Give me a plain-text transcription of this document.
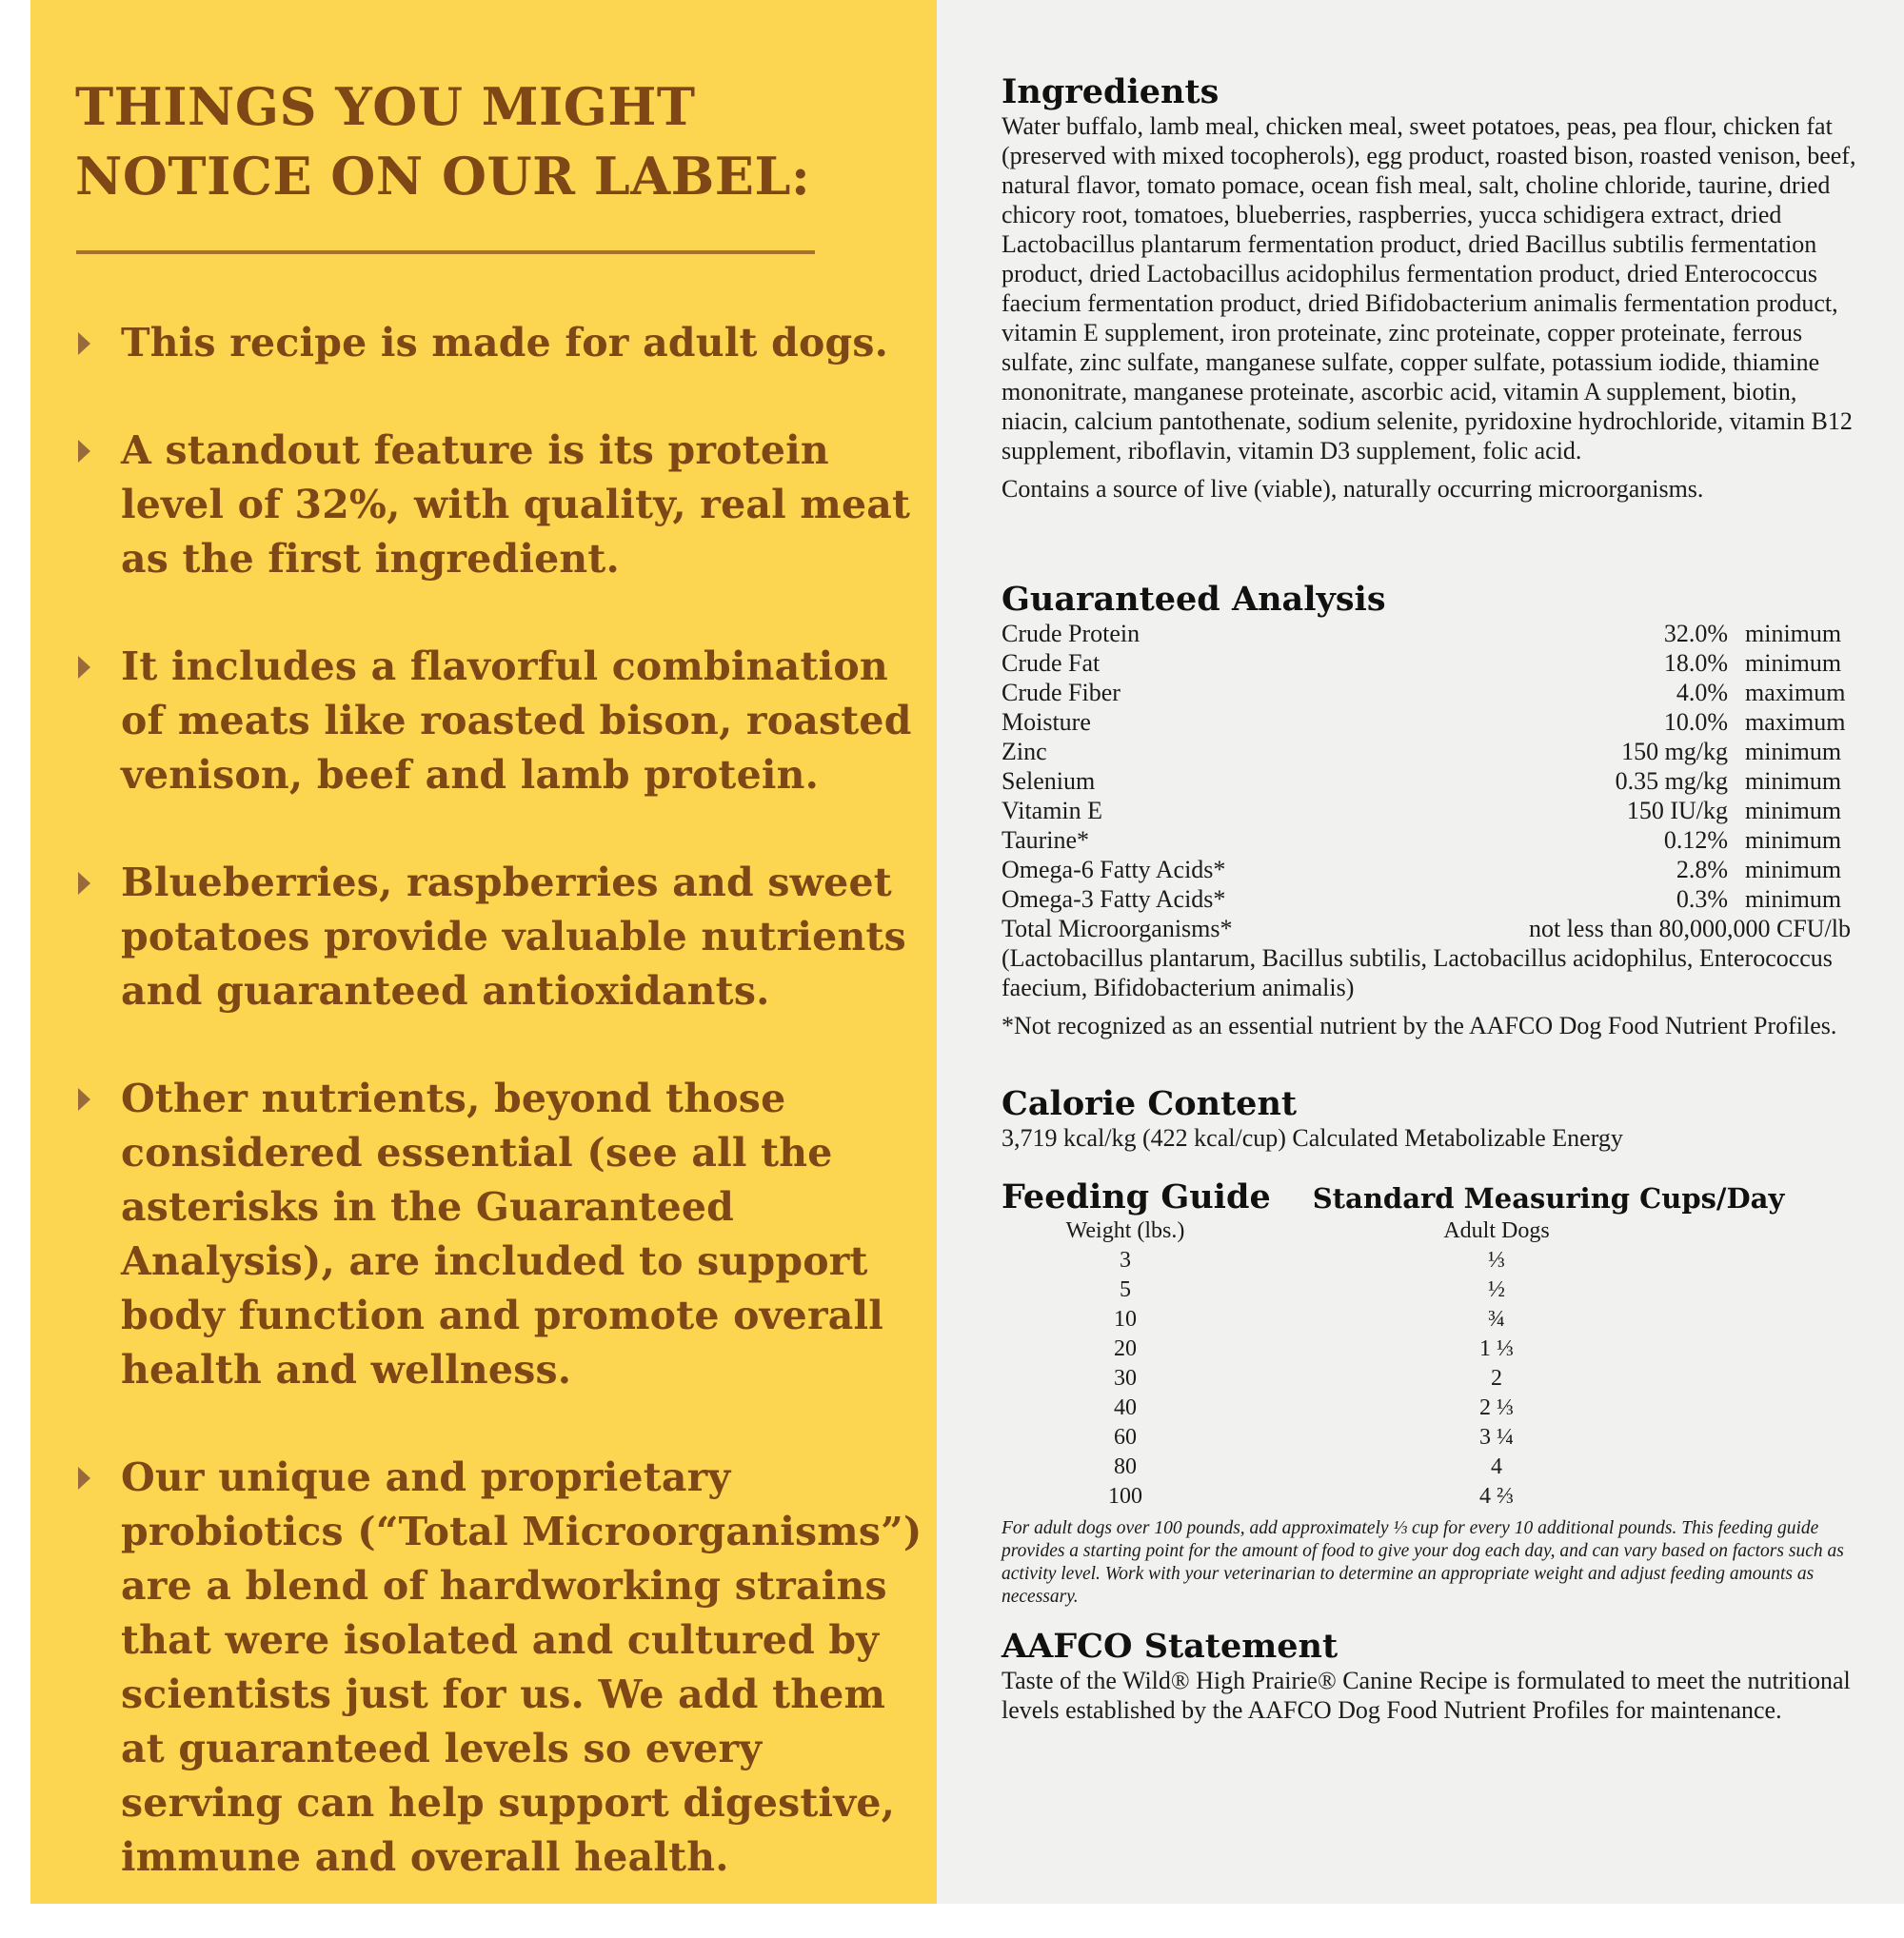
THINGS YOU MIGHT
NOTICE ON OUR LABEL:
This recipe is made for adult dogs.
A standout feature is its protein level of 32%, with quality, real meat as the first ingredient.
It includes a flavorful combination of meats like roasted bison, roasted venison, beef and lamb protein.
Blueberries, raspberries and sweet potatoes provide valuable nutrients and guaranteed antioxidants.
Other nutrients, beyond those considered essential (see all the asterisks in the Guaranteed Analysis), are included to support body function and promote overall health and wellness.
Our unique and proprietary probiotics (“Total Microorganisms”) are a blend of hardworking strains that were isolated and cultured by scientists just for us. We add them at guaranteed levels so every serving can help support digestive, immune and overall health.
Ingredients

Water buffalo, lamb meal, chicken meal, sweet potatoes, peas, pea flour, chicken fat (preserved with mixed tocopherols), egg product, roasted bison, roasted venison, beef, natural flavor, tomato pomace, ocean fish meal, salt, choline chloride, taurine, dried chicory root, tomatoes, blueberries, raspberries, yucca schidigera extract, dried Lactobacillus plantarum fermentation product, dried Bacillus subtilis fermentation product, dried Lactobacillus acidophilus fermentation product, dried Enterococcus faecium fermentation product, dried Bifidobacterium animalis fermentation product, vitamin E supplement, iron proteinate, zinc proteinate, copper proteinate, ferrous sulfate, zinc sulfate, manganese sulfate, copper sulfate, potassium iodide, thiamine mononitrate, manganese proteinate, ascorbic acid, vitamin A supplement, biotin, niacin, calcium pantothenate, sodium selenite, pyridoxine hydrochloride, vitamin B12 supplement, riboflavin, vitamin D3 supplement, folic acid.

Contains a source of live (viable), naturally occurring microorganisms.

Guaranteed Analysis
Crude Protein	32.0%	minimum
Crude Fat	18.0%	minimum
Crude Fiber	4.0%	maximum
Moisture	10.0%	maximum
Zinc	150 mg/kg	minimum
Selenium	0.35 mg/kg	minimum
Vitamin E	150 IU/kg	minimum
Taurine*	0.12%	minimum
Omega-6 Fatty Acids*	2.8%	minimum
Omega-3 Fatty Acids*	0.3%	minimum
Total Microorganisms*	not less than 80,000,000 CFU/lb	

(Lactobacillus plantarum, Bacillus subtilis, Lactobacillus acidophilus, Enterococcus faecium, Bifidobacterium animalis)

*Not recognized as an essential nutrient by the AAFCO Dog Food Nutrient Profiles.

Calorie Content

3,719 kcal/kg (422 kcal/cup) Calculated Metabolizable Energy

Feeding Guide Standard Measuring Cups/Day
Weight (lbs.)	Adult Dogs
3	⅓
5	½
10	¾
20	1 ⅓
30	2
40	2 ⅓
60	3 ¼
80	4
100	4 ⅔

For adult dogs over 100 pounds, add approximately ⅓ cup for every 10 additional pounds. This feeding guide provides a starting point for the amount of food to give your dog each day, and can vary based on factors such as activity level. Work with your veterinarian to determine an appropriate weight and adjust feeding amounts as necessary.

AAFCO Statement

Taste of the Wild® High Prairie® Canine Recipe is formulated to meet the nutritional levels established by the AAFCO Dog Food Nutrient Profiles for maintenance.
